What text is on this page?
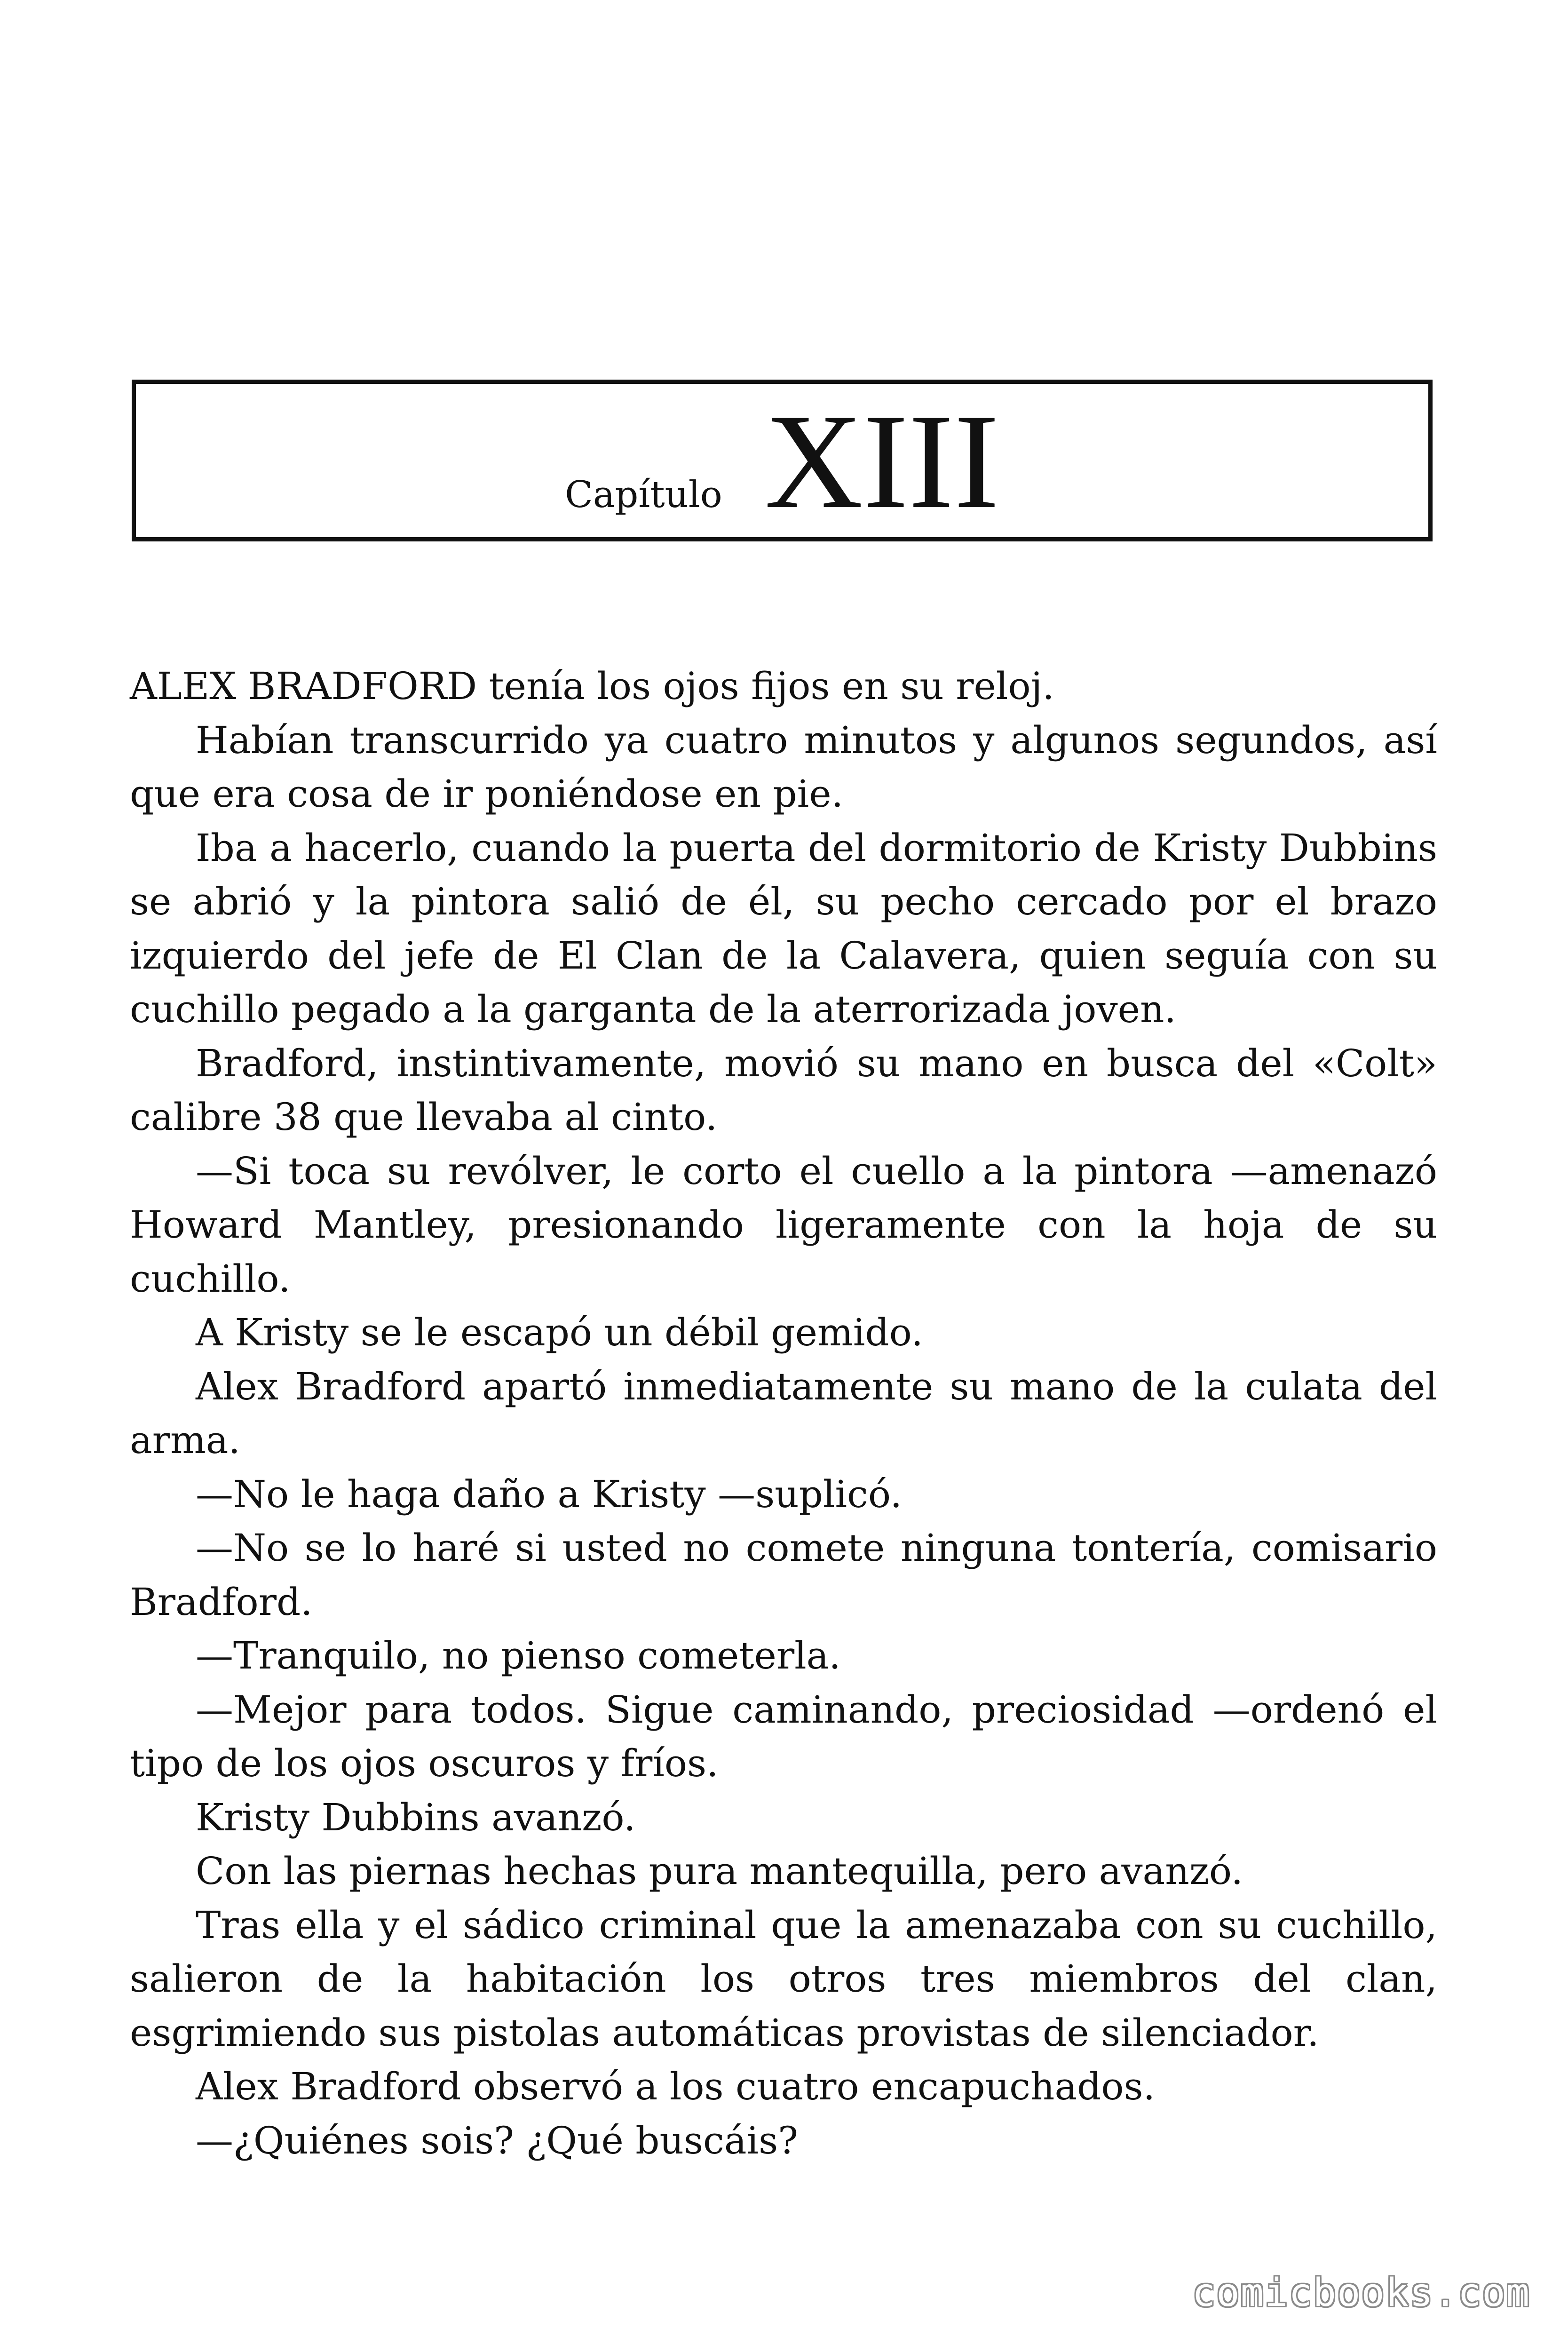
Capítulo XIII

ALEX BRADFORD tenía los ojos fijos en su reloj.

Habían transcurrido ya cuatro minutos y algunos segundos, así que era cosa de ir poniéndose en pie.

Iba a hacerlo, cuando la puerta del dormitorio de Kristy Dubbins se abrió y la pintora salió de él, su pecho cercado por el brazo izquierdo del jefe de El Clan de la Calavera, quien seguía con su cuchillo pegado a la garganta de la aterrorizada joven.

Bradford, instintivamente, movió su mano en busca del «Colt» calibre 38 que llevaba al cinto.

—Si toca su revólver, le corto el cuello a la pintora —amenazó Howard Mantley, presionando ligeramente con la hoja de su cuchillo.

A Kristy se le escapó un débil gemido.

Alex Bradford apartó inmediatamente su mano de la culata del arma.

—No le haga daño a Kristy —suplicó.

—No se lo haré si usted no comete ninguna tontería, comisario Bradford.

—Tranquilo, no pienso cometerla.

—Mejor para todos. Sigue caminando, preciosidad —ordenó el tipo de los ojos oscuros y fríos.

Kristy Dubbins avanzó.

Con las piernas hechas pura mantequilla, pero avanzó.

Tras ella y el sádico criminal que la amenazaba con su cuchillo, salieron de la habitación los otros tres miembros del clan, esgrimiendo sus pistolas automáticas provistas de silenciador.

Alex Bradford observó a los cuatro encapuchados.

—¿Quiénes sois? ¿Qué buscáis?

comicbooks.com
